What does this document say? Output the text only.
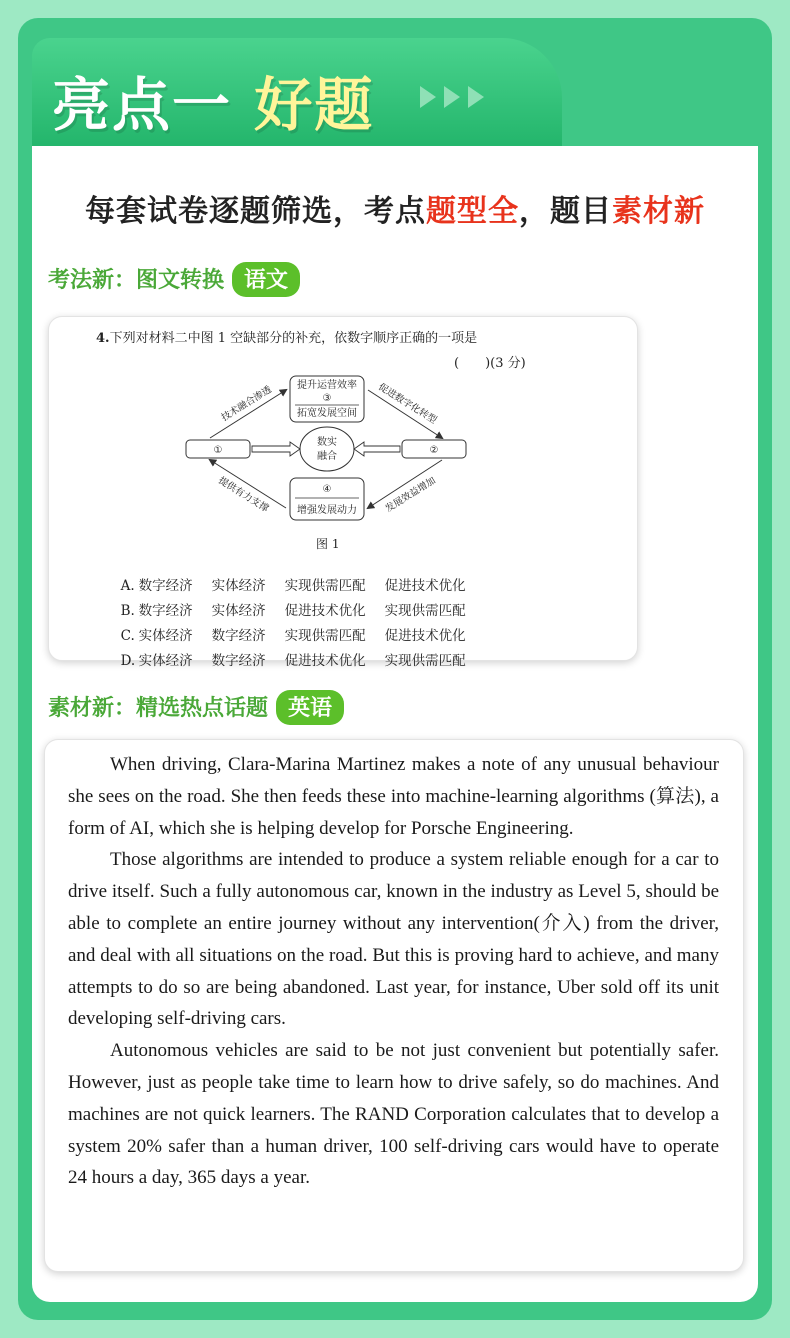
亮点一 好题
每套试卷逐题筛选，考点题型全，题目素材新
考法新：图文转换 语文
4.下列对材料二中图 1 空缺部分的补充，依数字顺序正确的一项是
(　　)(3 分)
提升运营效率
③
拓宽发展空间
①	②
数实
融合
④
增强发展动力
技术融合渗透	促进数字化转型
提供有力支撑	发展效益增加
图 1

A. 数字经济 实体经济 实现供需匹配 促进技术优化

B. 数字经济 实体经济 促进技术优化 实现供需匹配

C. 实体经济 数字经济 实现供需匹配 促进技术优化

D. 实体经济 数字经济 促进技术优化 实现供需匹配

素材新：精选热点话题 英语

When driving, Clara-Marina Martinez makes a note of any unusual behaviour she sees on the road. She then feeds these into machine-learning algorithms (算法), a form of AI, which she is helping develop for Porsche Engineering.

Those algorithms are intended to produce a system reliable enough for a car to drive itself. Such a fully autonomous car, known in the industry as Level 5, should be able to complete an entire journey without any intervention(介入) from the driver, and deal with all situations on the road. But this is proving hard to achieve, and many attempts to do so are being abandoned. Last year, for instance, Uber sold off its unit developing self-driving cars.

Autonomous vehicles are said to be not just convenient but potentially safer. However, just as people take time to learn how to drive safely, so do machines. And machines are not quick learners. The RAND Corporation calculates that to develop a system 20% safer than a human driver, 100 self-driving cars would have to operate 24 hours a day, 365 days a year.
